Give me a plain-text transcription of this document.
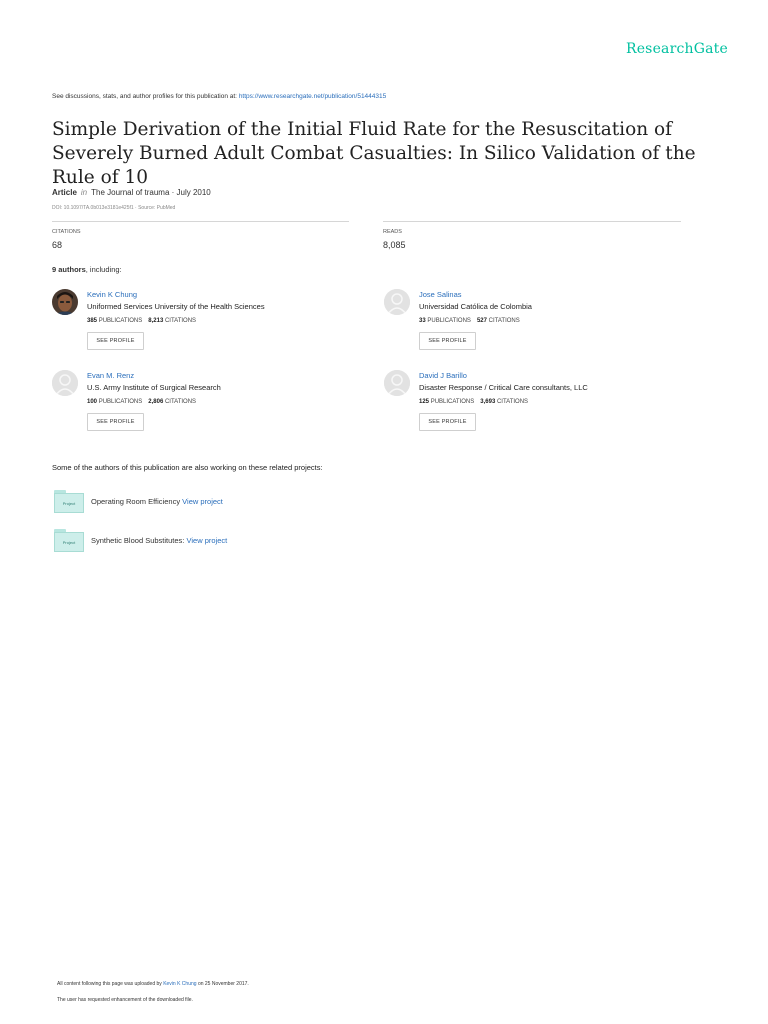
ResearchGate
See discussions, stats, and author profiles for this publication at: https://www.researchgate.net/publication/51444315
Simple Derivation of the Initial Fluid Rate for the Resuscitation of Severely Burned Adult Combat Casualties: In Silico Validation of the Rule of 10
Article in The Journal of trauma · July 2010
DOI: 10.1097/TA.0b013e3181e425f1 · Source: PubMed
CITATIONS
68
READS
8,085
9 authors, including:
Kevin K Chung
Uniformed Services University of the Health Sciences
385 PUBLICATIONS 8,213 CITATIONS
SEE PROFILE
Jose Salinas
Universidad Católica de Colombia
33 PUBLICATIONS 527 CITATIONS
SEE PROFILE
Evan M. Renz
U.S. Army Institute of Surgical Research
100 PUBLICATIONS 2,806 CITATIONS
SEE PROFILE
David J Barillo
Disaster Response / Critical Care consultants, LLC
125 PUBLICATIONS 3,693 CITATIONS
SEE PROFILE
Some of the authors of this publication are also working on these related projects:
Project	Operating Room Efficiency View project
Project	Synthetic Blood Substitutes: View project
All content following this page was uploaded by Kevin K Chung on 25 November 2017.
The user has requested enhancement of the downloaded file.
